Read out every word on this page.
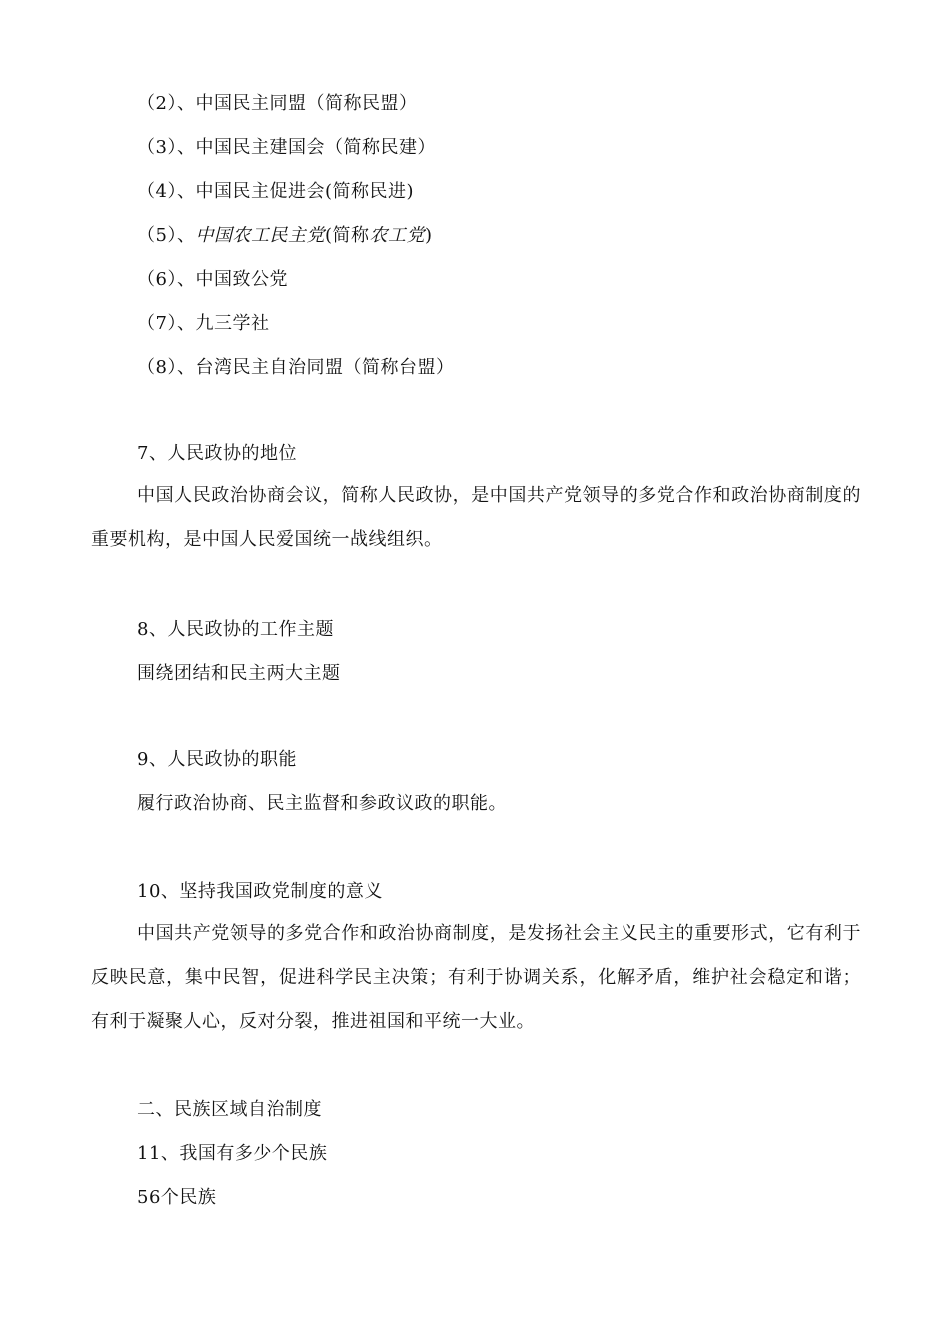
（2）、中国民主同盟（简称民盟）
（3）、中国民主建国会（简称民建）
（4）、中国民主促进会(简称民进)
（5）、中国农工民主党(简称农工党)
（6）、中国致公党
（7）、九三学社
（8）、台湾民主自治同盟（简称台盟）
7、人民政协的地位
中国人民政治协商会议，简称人民政协，是中国共产党领导的多党合作和政治协商制度的重要机构，是中国人民爱国统一战线组织。
8、人民政协的工作主题
围绕团结和民主两大主题
9、人民政协的职能
履行政治协商、民主监督和参政议政的职能。
10、坚持我国政党制度的意义
中国共产党领导的多党合作和政治协商制度，是发扬社会主义民主的重要形式，它有利于反映民意，集中民智，促进科学民主决策；有利于协调关系，化解矛盾，维护社会稳定和谐；有利于凝聚人心，反对分裂，推进祖国和平统一大业。
二、民族区域自治制度
11、我国有多少个民族
56个民族
